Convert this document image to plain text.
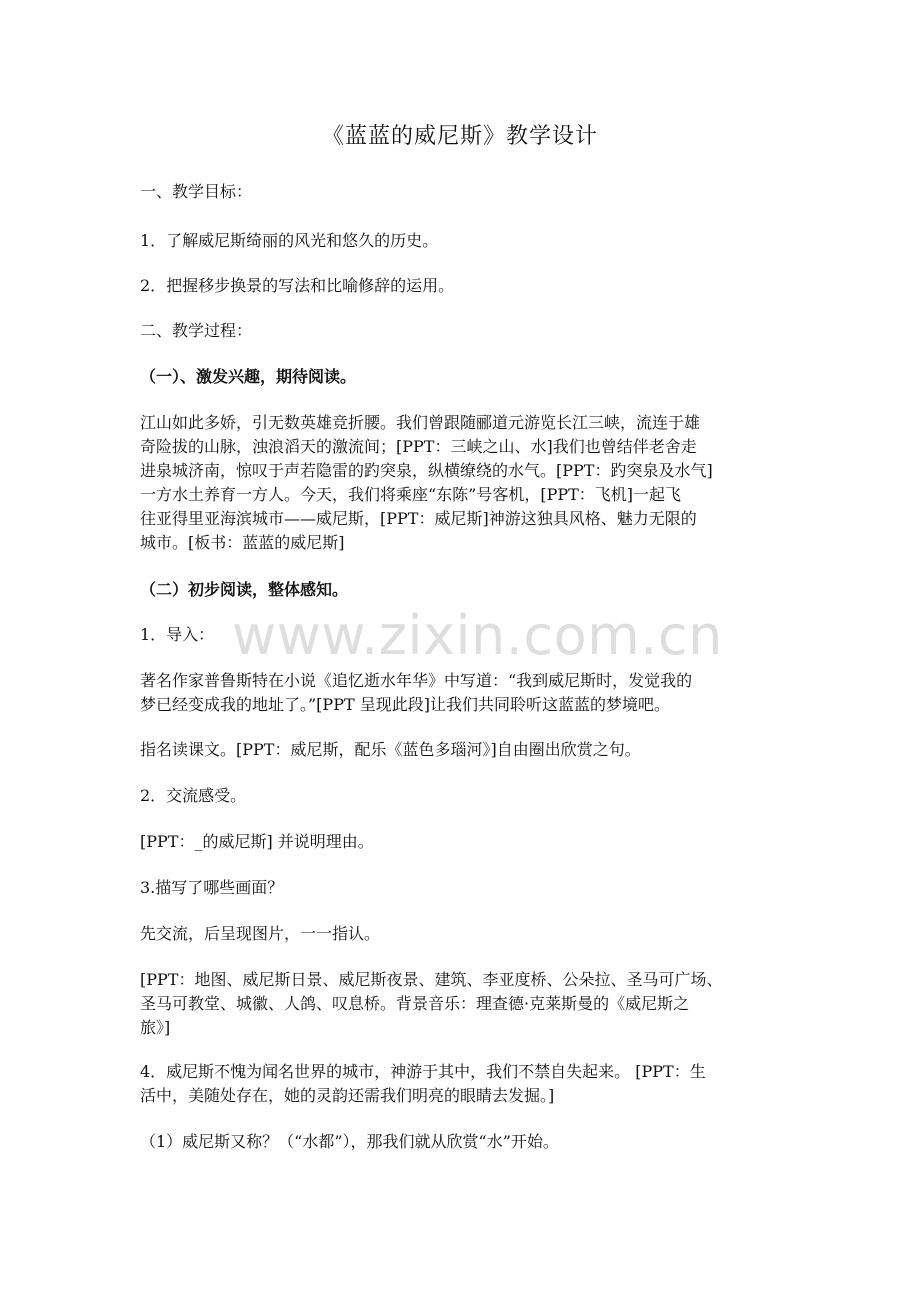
《蓝蓝的威尼斯》教学设计

一、教学目标：

1．了解威尼斯绮丽的风光和悠久的历史。

2．把握移步换景的写法和比喻修辞的运用。

二、教学过程：

（一）、激发兴趣，期待阅读。

江山如此多娇，引无数英雄竞折腰。我们曾跟随郦道元游览长江三峡，流连于雄
奇险拔的山脉，浊浪滔天的激流间；[PPT：三峡之山、水]我们也曾结伴老舍走
进泉城济南，惊叹于声若隐雷的趵突泉，纵横缭绕的水气。[PPT：趵突泉及水气]
一方水土养育一方人。今天，我们将乘座“东陈”号客机，[PPT：飞机]一起飞
往亚得里亚海滨城市——威尼斯，[PPT：威尼斯]神游这独具风格、魅力无限的
城市。[板书：蓝蓝的威尼斯]

（二）初步阅读，整体感知。

1．导入：

著名作家普鲁斯特在小说《追忆逝水年华》中写道：“我到威尼斯时，发觉我的
梦已经变成我的地址了。”[PPT 呈现此段]让我们共同聆听这蓝蓝的梦境吧。

指名读课文。[PPT：威尼斯，配乐《蓝色多瑙河》]自由圈出欣赏之句。

2．交流感受。

[PPT：_的威尼斯] 并说明理由。

3.描写了哪些画面？

先交流，后呈现图片，一一指认。

[PPT：地图、威尼斯日景、威尼斯夜景、建筑、李亚度桥、公朵拉、圣马可广场、
圣马可教堂、城徽、人鸽、叹息桥。背景音乐：理查德·克莱斯曼的《威尼斯之
旅》]

4．威尼斯不愧为闻名世界的城市，神游于其中，我们不禁自失起来。 [PPT：生
活中，美随处存在，她的灵韵还需我们明亮的眼睛去发掘。]

（1）威尼斯又称？（“水都”），那我们就从欣赏“水”开始。

www.zixin.com.cn
